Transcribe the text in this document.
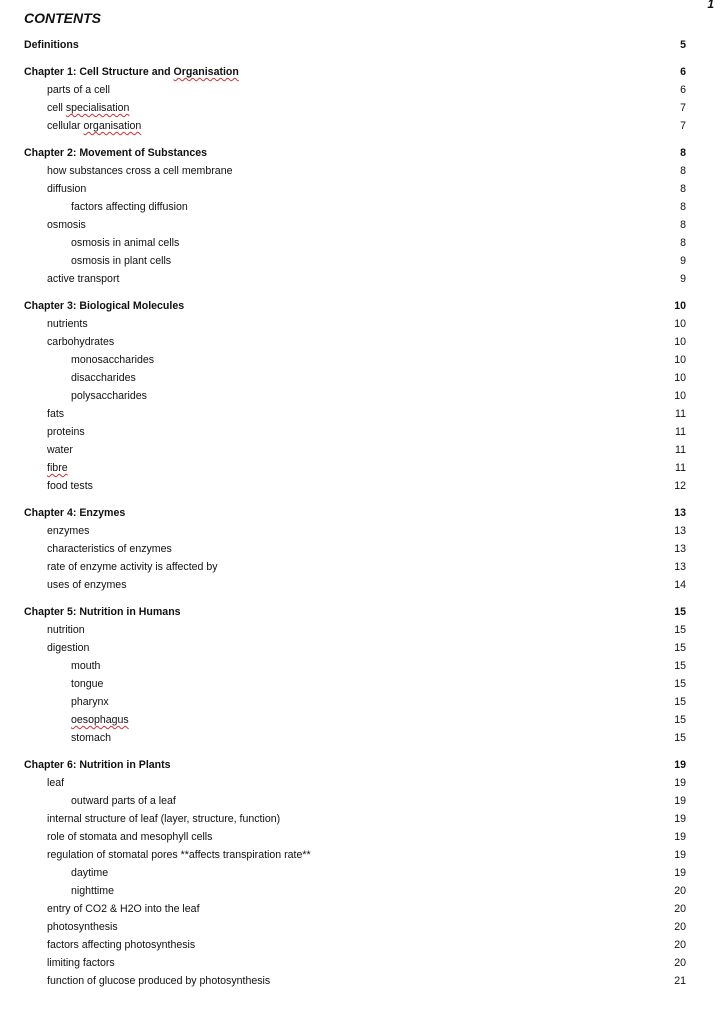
1
CONTENTS
Definitions	5
Chapter 1: Cell Structure and Organisation	6
parts of a cell	6
cell specialisation	7
cellular organisation	7
Chapter 2: Movement of Substances	8
how substances cross a cell membrane	8
diffusion	8
factors affecting diffusion	8
osmosis	8
osmosis in animal cells	8
osmosis in plant cells	9
active transport	9
Chapter 3: Biological Molecules	10
nutrients	10
carbohydrates	10
monosaccharides	10
disaccharides	10
polysaccharides	10
fats	11
proteins	11
water	11
fibre	11
food tests	12
Chapter 4: Enzymes	13
enzymes	13
characteristics of enzymes	13
rate of enzyme activity is affected by	13
uses of enzymes	14
Chapter 5: Nutrition in Humans	15
nutrition	15
digestion	15
mouth	15
tongue	15
pharynx	15
oesophagus	15
stomach	15
Chapter 6: Nutrition in Plants	19
leaf	19
outward parts of a leaf	19
internal structure of leaf (layer, structure, function)	19
role of stomata and mesophyll cells	19
regulation of stomatal pores **affects transpiration rate**	19
daytime	19
nighttime	20
entry of CO2 & H2O into the leaf	20
photosynthesis	20
factors affecting photosynthesis	20
limiting factors	20
function of glucose produced by photosynthesis	21
